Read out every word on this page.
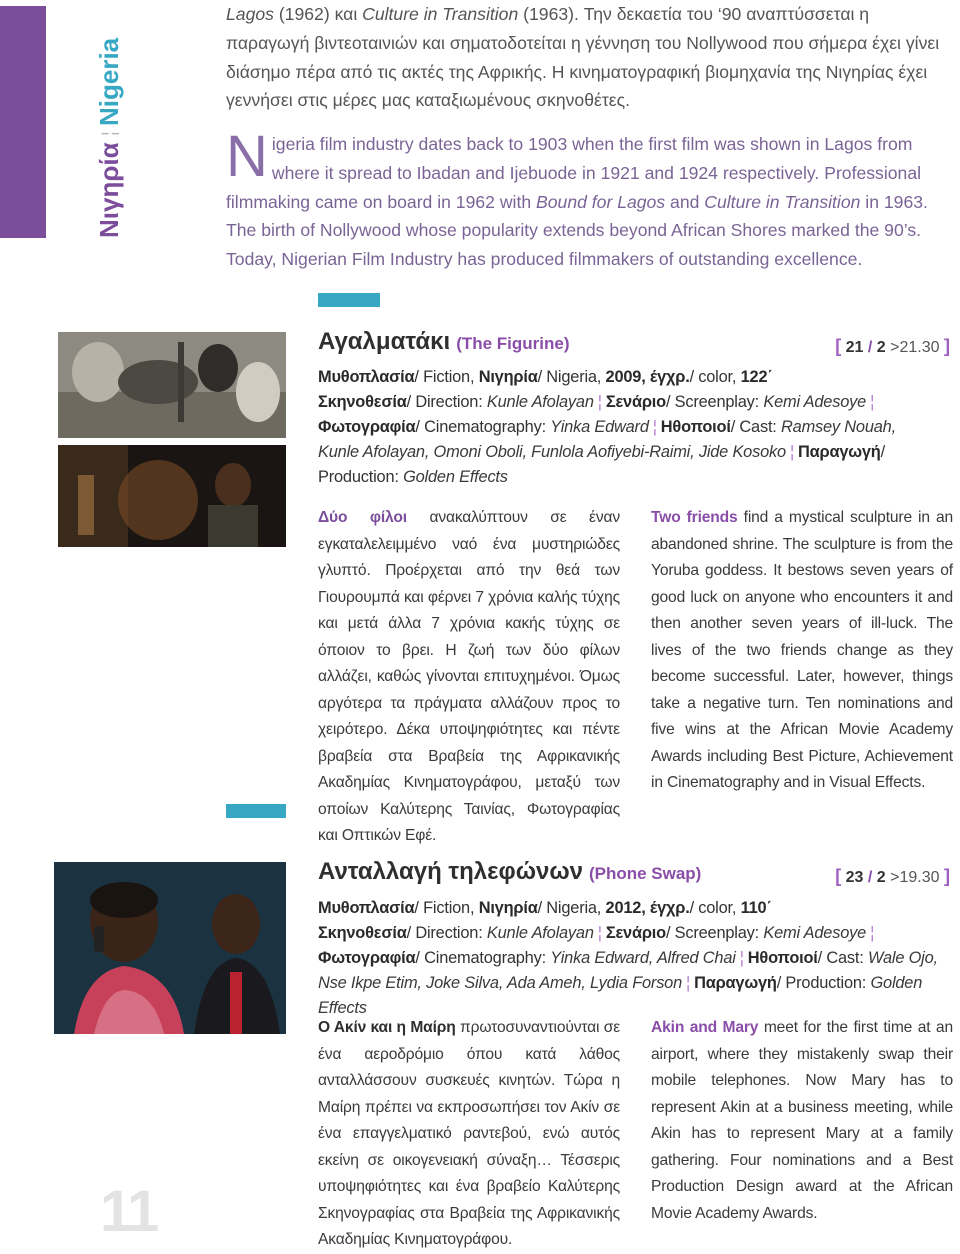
Νιγηρία
¦
Nigeria
Lagos (1962) και Culture in Transition (1963). Την δεκαετία του ‘90 αναπτύσσεται η παραγωγή βιντεοταινιών και σηματοδοτείται η γέννηση του Nollywood που σήμερα έχει γίνει διάσημο πέρα από τις ακτές της Αφρικής. Η κινηματογραφική βιομηχανία της Νιγηρίας έχει γεννήσει στις μέρες μας καταξιωμένους σκηνοθέτες.
Nigeria film industry dates back to 1903 when the first film was shown in Lagos from where it spread to Ibadan and Ijebuode in 1921 and 1924 respectively. Professional filmmaking came on board in 1962 with Bound for Lagos and Culture in Transition in 1963. The birth of Nollywood whose popularity extends beyond African Shores marked the 90’s. Today, Nigerian Film Industry has produced filmmakers of outstanding excellence.
Αγαλματάκι (The Figurine)	[ 21 / 2 >21.30 ]
Μυθοπλασία/ Fiction, Νιγηρία/ Nigeria, 2009, έγχρ./ color, 122΄
Σκηνοθεσία/ Direction: Kunle Afolayan ¦ Σενάριο/ Screenplay: Kemi Adesoye ¦
Φωτογραφία/ Cinematography: Yinka Edward ¦ Ηθοποιοί/ Cast: Ramsey Nouah, Kunle Afolayan, Omoni Oboli, Funlola Aofiyebi-Raimi, Jide Kosoko ¦ Παραγωγή/ Production: Golden Effects
Δύο φίλοι ανακαλύπτουν σε έναν εγκαταλελειμμένο ναό ένα μυστηριώδες γλυπτό. Προέρχεται από την θεά των Γιουρουμπά και φέρνει 7 χρόνια καλής τύχης και μετά άλλα 7 χρόνια κακής τύχης σε όποιον το βρει. Η ζωή των δύο φίλων αλλάζει, καθώς γίνονται επιτυχημένοι. Όμως αργότερα τα πράγματα αλλάζουν προς το χειρότερο. Δέκα υποψηφιότητες και πέντε βραβεία στα Βραβεία της Αφρικανικής Ακαδημίας Κινηματογράφου, μεταξύ των οποίων Καλύτερης Ταινίας, Φωτογραφίας και Οπτικών Εφέ.
Two friends find a mystical sculpture in an abandoned shrine. The sculpture is from the Yoruba goddess. It bestows seven years of good luck on anyone who encounters it and then another seven years of ill-luck. The lives of the two friends change as they become successful. Later, however, things take a negative turn. Ten nominations and five wins at the African Movie Academy Awards including Best Picture, Achievement in Cinematography and in Visual Effects.
Ανταλλαγή τηλεφώνων (Phone Swap)	[ 23 / 2 >19.30 ]
Μυθοπλασία/ Fiction, Νιγηρία/ Nigeria, 2012, έγχρ./ color, 110΄
Σκηνοθεσία/ Direction: Kunle Afolayan ¦ Σενάριο/ Screenplay: Kemi Adesoye ¦
Φωτογραφία/ Cinematography: Yinka Edward, Alfred Chai ¦ Ηθοποιοί/ Cast: Wale Ojo, Nse Ikpe Etim, Joke Silva, Ada Ameh, Lydia Forson ¦ Παραγωγή/ Production: Golden Effects
Ο Ακίν και η Μαίρη πρωτοσυναντιούνται σε ένα αεροδρόμιο όπου κατά λάθος ανταλλάσσουν συσκευές κινητών. Τώρα η Μαίρη πρέπει να εκπροσωπήσει τον Ακίν σε ένα επαγγελματικό ραντεβού, ενώ αυτός εκείνη σε οικογενειακή σύναξη… Τέσσερις υποψηφιότητες και ένα βραβείο Καλύτερης Σκηνογραφίας στα Βραβεία της Αφρικανικής Ακαδημίας Κινηματογράφου.
Akin and Mary meet for the first time at an airport, where they mistakenly swap their mobile telephones. Now Mary has to represent Akin at a business meeting, while Akin has to represent Mary at a family gathering. Four nominations and a Best Production Design award at the African Movie Academy Awards.
11
